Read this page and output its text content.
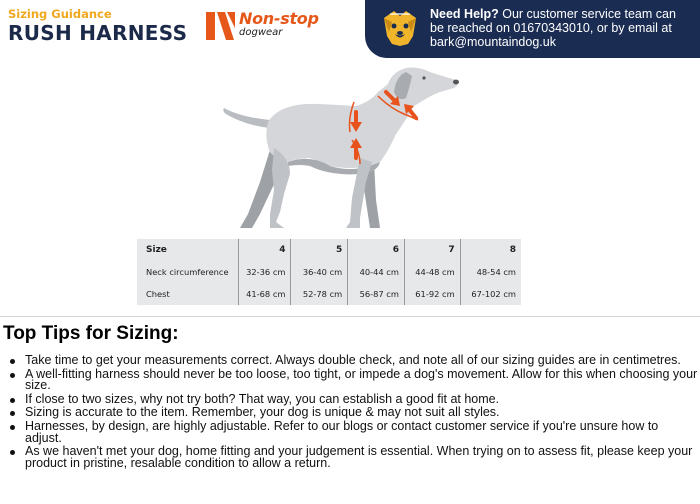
Sizing Guidance
RUSH HARNESS
Non-stop
dogwear
Need Help? Our customer service team can be reached on 01670343010, or by email at bark@mountaindog.uk
Size	4	5	6	7	8
Neck circumference	32-36 cm	36-40 cm	40-44 cm	44-48 cm	48-54 cm
Chest	41-68 cm	52-78 cm	56-87 cm	61-92 cm	67-102 cm
Top Tips for Sizing:
Take time to get your measurements correct. Always double check, and note all of our sizing guides are in centimetres.
A well-fitting harness should never be too loose, too tight, or impede a dog's movement. Allow for this when choosing your size.
If close to two sizes, why not try both? That way, you can establish a good fit at home.
Sizing is accurate to the item. Remember, your dog is unique & may not suit all styles.
Harnesses, by design, are highly adjustable. Refer to our blogs or contact customer service if you're unsure how to adjust.
As we haven't met your dog, home fitting and your judgement is essential. When trying on to assess fit, please keep your product in pristine, resalable condition to allow a return.
